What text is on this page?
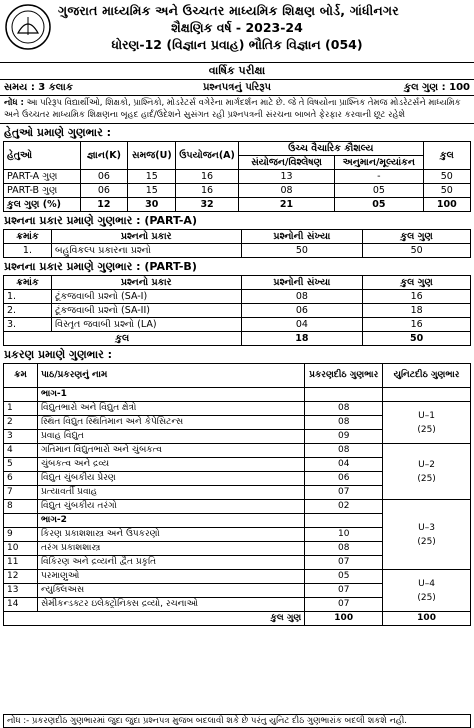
ગુજરાત માધ્યમિક અને ઉચ્ચતર માધ્યમિક શિક્ષણ બોર્ડ, ગાંધીનગર
શૈક્ષણિક વર્ષ - 2023-24
ધોરણ-12 (વિજ્ઞાન પ્રવાહ) ભૌતિક વિજ્ઞાન (054)
વાર્ષિક પરીક્ષા
સમય : 3 કલાક	પ્રશ્નપત્રનું પરિરૂપ	કુલ ગુણ : 100
નોંધ : આ પરિરૂપ વિદ્યાર્થીઓ, શિક્ષકો, પ્રાશ્નિકો, મોડરેટર્સ વગેરેના માર્ગદર્શન માટે છે. જે તે વિષયોના પ્રાશ્નિક તેમજ મોડરેટર્સને માધ્યમિક અને ઉચ્ચતર માધ્યમિક શિક્ષણના બૃહદ હાર્દ/ઉદેશને સુસંગત રહી પ્રશ્નપત્રની સંરચના બાબતે ફેરફાર કરવાની છૂટ રહેશે
હેતુઓ પ્રમાણે ગુણભાર :
હેતુઓ	જ્ઞાન(K)	સમજ(U)	ઉપયોજન(A)	ઉચ્ચ વૈચારિક કૌશલ્ય		કુલ
				સંયોજન/વિશ્લેષણ	અનુમાન/મૂલ્યાંકન	
PART-A ગુણ	06	15	16	13	-	50
PART-B ગુણ	06	15	16	08	05	50
કુલ ગુણ (%)	12	30	32	21	05	100
પ્રશ્નના પ્રકાર પ્રમાણે ગુણભાર : (PART-A)
ક્રમાંક	પ્રશ્નનો પ્રકાર	પ્રશ્નોની સંખ્યા	કુલ ગુણ
1.	બહુવિકલ્પ પ્રકારના પ્રશ્નો	50	50
પ્રશ્નના પ્રકાર પ્રમાણે ગુણભાર : (PART-B)
ક્રમાંક	પ્રશ્નનો પ્રકાર	પ્રશ્નોની સંખ્યા	કુલ ગુણ
1.	ટૂંકજવાબી પ્રશ્નો (SA-I)	08	16
2.	ટૂંકજવાબી પ્રશ્નો (SA-II)	06	18
3.	વિસ્તૃત જવાબી પ્રશ્નો (LA)	04	16
કુલ		18	50
પ્રકરણ પ્રમાણે ગુણભાર :
ક્રમ	પાઠ/પ્રકરણનું નામ	પ્રકરણદીઠ ગુણભાર	યુનિટદીઠ ગુણભાર
	ભાગ-1		
1	વિદ્યુતભારો અને વિદ્યુત ક્ષેત્રો	08	U–1
(25)

2	સ્થિત વિદ્યુત સ્થિતિમાન અને કેપેસિટન્સ	08	
3	પ્રવાહ વિદ્યુત	09	
4	ગતિમાન વિદ્યુતભારો અને ચુંબકત્વ	08	U–2
(25)

5	ચુંબકત્વ અને દ્રવ્ય	04	
6	વિદ્યુત ચુંબકીય પ્રેરણ	06	
7	પ્રત્યાવર્તી પ્રવાહ	07	
8	વિદ્યુત ચુંબકીય તરંગો	02	U–3
(25)

	ભાગ-2		
9	કિરણ પ્રકાશશાસ્ત્ર અને ઉપકરણો	10	
10	તરંગ પ્રકાશશાસ્ત્ર	08	
11	વિકિરણ અને દ્રવ્યની દ્વૈત પ્રકૃતિ	07	
12	પરમાણુઓ	05	U–4
(25)

13	ન્યુક્લિઅસ	07	
14	સેમીકન્ડક્ટર ઇલેક્ટ્રોનિક્સ દ્રવ્યો, રચનાઓ	07	
કુલ ગુણ		100	100
નોંધ :- પ્રકરણદીઠ ગુણભારમાં જુદા જુદા પ્રશ્નપત્ર મુજબ બદલાવી શકે છે પરંતુ યુનિટ દીઠ ગુણભારાંક બદલી શકશે નહી.
